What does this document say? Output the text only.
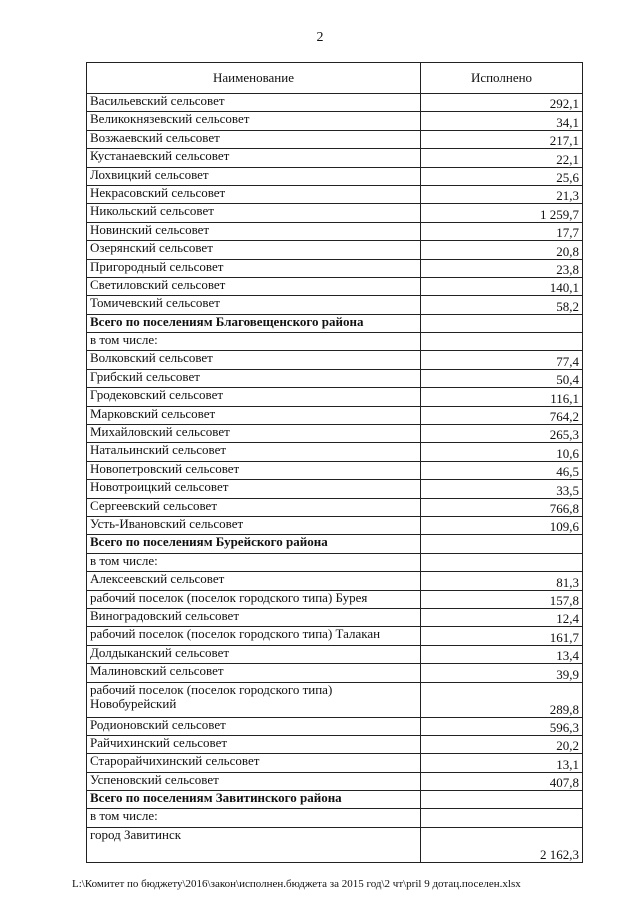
2
Наименование	Исполнено
Васильевский сельсовет	292,1
Великокнязевский сельсовет	34,1
Возжаевский сельсовет	217,1
Кустанаевский сельсовет	22,1
Лохвицкий сельсовет	25,6
Некрасовский сельсовет	21,3
Никольский сельсовет	1 259,7
Новинский сельсовет	17,7
Озерянский сельсовет	20,8
Пригородный сельсовет	23,8
Светиловский сельсовет	140,1
Томичевский сельсовет	58,2
Всего по поселениям Благовещенского района	
в том числе:	
Волковский сельсовет	77,4
Грибский сельсовет	50,4
Гродековский сельсовет	116,1
Марковский сельсовет	764,2
Михайловский сельсовет	265,3
Натальинский сельсовет	10,6
Новопетровский сельсовет	46,5
Новотроицкий сельсовет	33,5
Сергеевский сельсовет	766,8
Усть-Ивановский сельсовет	109,6
Всего по поселениям Бурейского района	
в том числе:	
Алексеевский сельсовет	81,3
рабочий поселок (поселок городского типа) Бурея	157,8
Виноградовский сельсовет	12,4
рабочий поселок (поселок городского типа) Талакан	161,7
Долдыканский сельсовет	13,4
Малиновский сельсовет	39,9
рабочий поселок (поселок городского типа) Новобурейский	289,8
Родионовский сельсовет	596,3
Райчихинский сельсовет	20,2
Старорайчихинский сельсовет	13,1
Успеновский сельсовет	407,8
Всего по поселениям Завитинского района	
в том числе:	
город Завитинск	2 162,3
L:\Комитет по бюджету\2016\закон\исполнен.бюджета за 2015 год\2 чт\pril 9 дотац.поселен.xlsx
